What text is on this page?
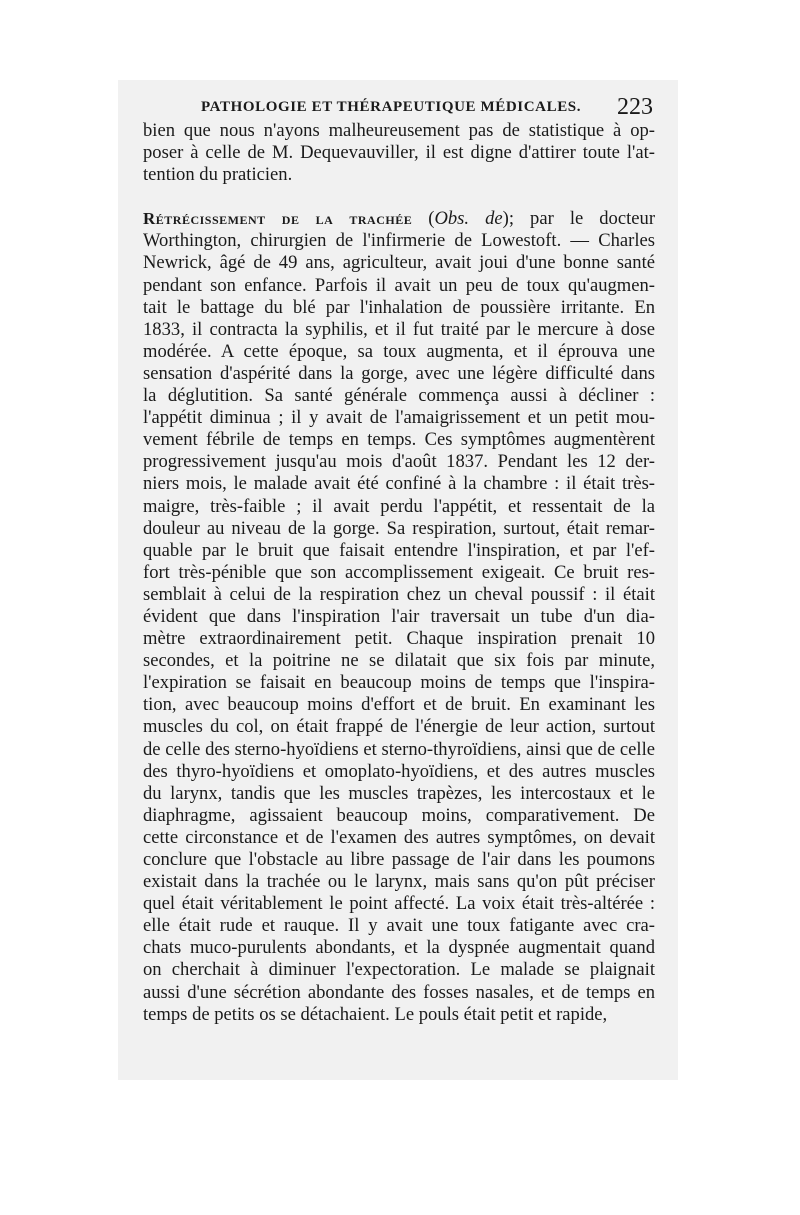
PATHOLOGIE ET THÉRAPEUTIQUE MÉDICALES. 223
bien que nous n'ayons malheureusement pas de statistique à op-
poser à celle de M. Dequevauviller, il est digne d'attirer toute l'at-
tention du praticien.
Rétrécissement de la trachée (Obs. de); par le docteur
Worthington, chirurgien de l'infirmerie de Lowestoft. — Charles
Newrick, âgé de 49 ans, agriculteur, avait joui d'une bonne santé
pendant son enfance. Parfois il avait un peu de toux qu'augmen-
tait le battage du blé par l'inhalation de poussière irritante. En
1833, il contracta la syphilis, et il fut traité par le mercure à dose
modérée. A cette époque, sa toux augmenta, et il éprouva une
sensation d'aspérité dans la gorge, avec une légère difficulté dans
la déglutition. Sa santé générale commença aussi à décliner :
l'appétit diminua ; il y avait de l'amaigrissement et un petit mou-
vement fébrile de temps en temps. Ces symptômes augmentèrent
progressivement jusqu'au mois d'août 1837. Pendant les 12 der-
niers mois, le malade avait été confiné à la chambre : il était très-
maigre, très-faible ; il avait perdu l'appétit, et ressentait de la
douleur au niveau de la gorge. Sa respiration, surtout, était remar-
quable par le bruit que faisait entendre l'inspiration, et par l'ef-
fort très-pénible que son accomplissement exigeait. Ce bruit res-
semblait à celui de la respiration chez un cheval poussif : il était
évident que dans l'inspiration l'air traversait un tube d'un dia-
mètre extraordinairement petit. Chaque inspiration prenait 10
secondes, et la poitrine ne se dilatait que six fois par minute,
l'expiration se faisait en beaucoup moins de temps que l'inspira-
tion, avec beaucoup moins d'effort et de bruit. En examinant les
muscles du col, on était frappé de l'énergie de leur action, surtout
de celle des sterno-hyoïdiens et sterno-thyroïdiens, ainsi que de celle
des thyro-hyoïdiens et omoplato-hyoïdiens, et des autres muscles
du larynx, tandis que les muscles trapèzes, les intercostaux et le
diaphragme, agissaient beaucoup moins, comparativement. De
cette circonstance et de l'examen des autres symptômes, on devait
conclure que l'obstacle au libre passage de l'air dans les poumons
existait dans la trachée ou le larynx, mais sans qu'on pût préciser
quel était véritablement le point affecté. La voix était très-altérée :
elle était rude et rauque. Il y avait une toux fatigante avec cra-
chats muco-purulents abondants, et la dyspnée augmentait quand
on cherchait à diminuer l'expectoration. Le malade se plaignait
aussi d'une sécrétion abondante des fosses nasales, et de temps en
temps de petits os se détachaient. Le pouls était petit et rapide,
